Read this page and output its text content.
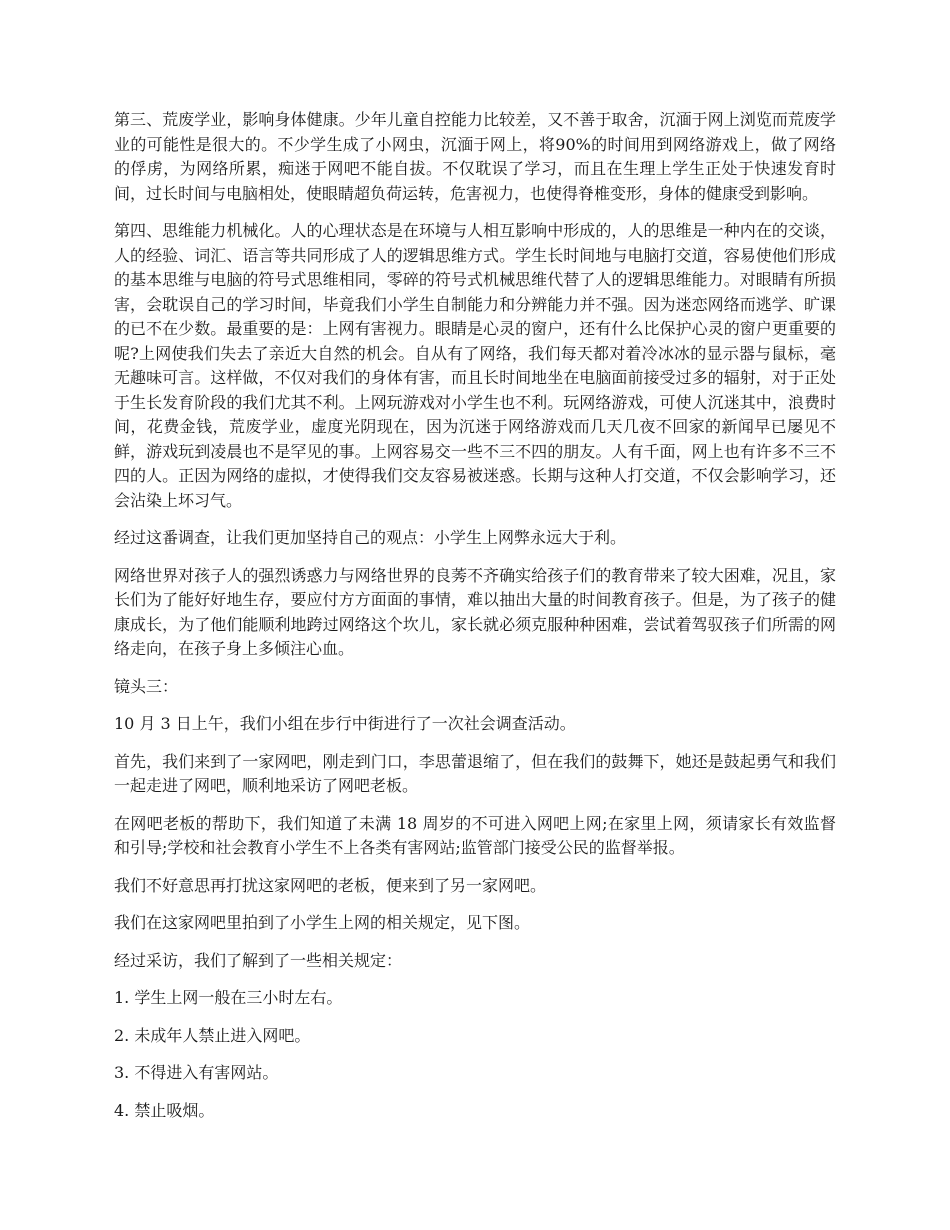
第三、荒废学业，影响身体健康。少年儿童自控能力比较差，又不善于取舍，沉湎于网上浏览而荒废学业的可能性是很大的。不少学生成了小网虫，沉湎于网上，将90%的时间用到网络游戏上，做了网络的俘虏，为网络所累，痴迷于网吧不能自拔。不仅耽误了学习，而且在生理上学生正处于快速发育时间，过长时间与电脑相处，使眼睛超负荷运转，危害视力，也使得脊椎变形，身体的健康受到影响。

第四、思维能力机械化。人的心理状态是在环境与人相互影响中形成的，人的思维是一种内在的交谈，人的经验、词汇、语言等共同形成了人的逻辑思维方式。学生长时间地与电脑打交道，容易使他们形成的基本思维与电脑的符号式思维相同，零碎的符号式机械思维代替了人的逻辑思维能力。对眼睛有所损害，会耽误自己的学习时间，毕竟我们小学生自制能力和分辨能力并不强。因为迷恋网络而逃学、旷课的已不在少数。最重要的是：上网有害视力。眼睛是心灵的窗户，还有什么比保护心灵的窗户更重要的呢?上网使我们失去了亲近大自然的机会。自从有了网络，我们每天都对着冷冰冰的显示器与鼠标，毫无趣味可言。这样做，不仅对我们的身体有害，而且长时间地坐在电脑面前接受过多的辐射，对于正处于生长发育阶段的我们尤其不利。上网玩游戏对小学生也不利。玩网络游戏，可使人沉迷其中，浪费时间，花费金钱，荒废学业，虚度光阴现在，因为沉迷于网络游戏而几天几夜不回家的新闻早已屡见不鲜，游戏玩到凌晨也不是罕见的事。上网容易交一些不三不四的朋友。人有千面，网上也有许多不三不四的人。正因为网络的虚拟，才使得我们交友容易被迷惑。长期与这种人打交道，不仅会影响学习，还会沾染上坏习气。

经过这番调查，让我们更加坚持自己的观点：小学生上网弊永远大于利。

网络世界对孩子人的强烈诱惑力与网络世界的良莠不齐确实给孩子们的教育带来了较大困难，况且，家长们为了能好好地生存，要应付方方面面的事情，难以抽出大量的时间教育孩子。但是，为了孩子的健康成长，为了他们能顺利地跨过网络这个坎儿，家长就必须克服种种困难，尝试着驾驭孩子们所需的网络走向，在孩子身上多倾注心血。

镜头三：

10 月 3 日上午，我们小组在步行中街进行了一次社会调查活动。

首先，我们来到了一家网吧，刚走到门口，李思蕾退缩了，但在我们的鼓舞下，她还是鼓起勇气和我们一起走进了网吧，顺利地采访了网吧老板。

在网吧老板的帮助下，我们知道了未满 18 周岁的不可进入网吧上网;在家里上网，须请家长有效监督和引导;学校和社会教育小学生不上各类有害网站;监管部门接受公民的监督举报。

我们不好意思再打扰这家网吧的老板，便来到了另一家网吧。

我们在这家网吧里拍到了小学生上网的相关规定，见下图。

经过采访，我们了解到了一些相关规定：

1. 学生上网一般在三小时左右。

2. 未成年人禁止进入网吧。

3. 不得进入有害网站。

4. 禁止吸烟。
